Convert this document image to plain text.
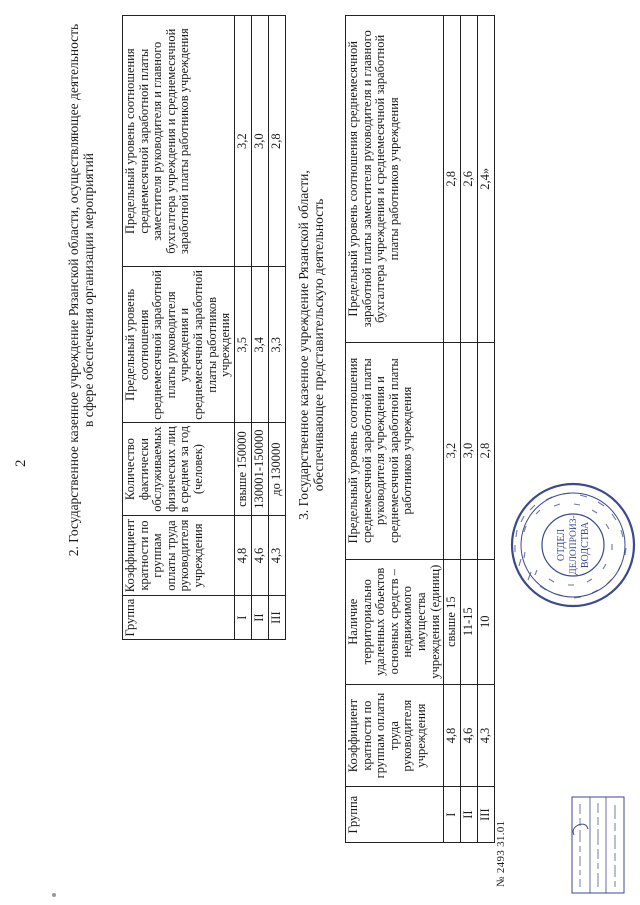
2	2. Государственное казенное учреждение Рязанской области, осуществляющее деятельность в сфере обеспечения организации мероприятий
Группа	Коэффициент кратности по группам оплаты труда руководителя учреждения	Количество фактически обслуживаемых физических лиц в среднем за год (человек)	Предельный уровень соотношения среднемесячной заработной платы руководителя учреждения и среднемесячной заработной платы работников учреждения	Предельный уровень соотношения среднемесячной заработной платы заместителя руководителя и главного бухгалтера учреждения и среднемесячной заработной платы работников учреждения
I	4,8	свыше 150000	3,5	3,2
II	4,6	130001-150000	3,4	3,0
III	4,3	до 130000	3,3	2,8
3. Государственное казенное учреждение Рязанской области, обеспечивающее представительскую деятельность
Группа	Коэффициент кратности по группам оплаты труда руководителя учреждения	Наличие территориально удаленных объектов основных средств – недвижимого имущества учреждения (единиц)	Предельный уровень соотношения среднемесячной заработной платы руководителя учреждения и среднемесячной заработной платы работников учреждения	Предельный уровень соотношения среднемесячной заработной платы заместителя руководителя и главного бухгалтера учреждения и среднемесячной заработной платы работников учреждения
I	4,8	свыше 15	3,2	2,8
II	4,6	11-15	3,0	2,6
III	4,3	10	2,8	2,4»
ОТДЕЛ ДЕЛОПРОИЗ- ВОДСТВА
№ 2493 31.01
